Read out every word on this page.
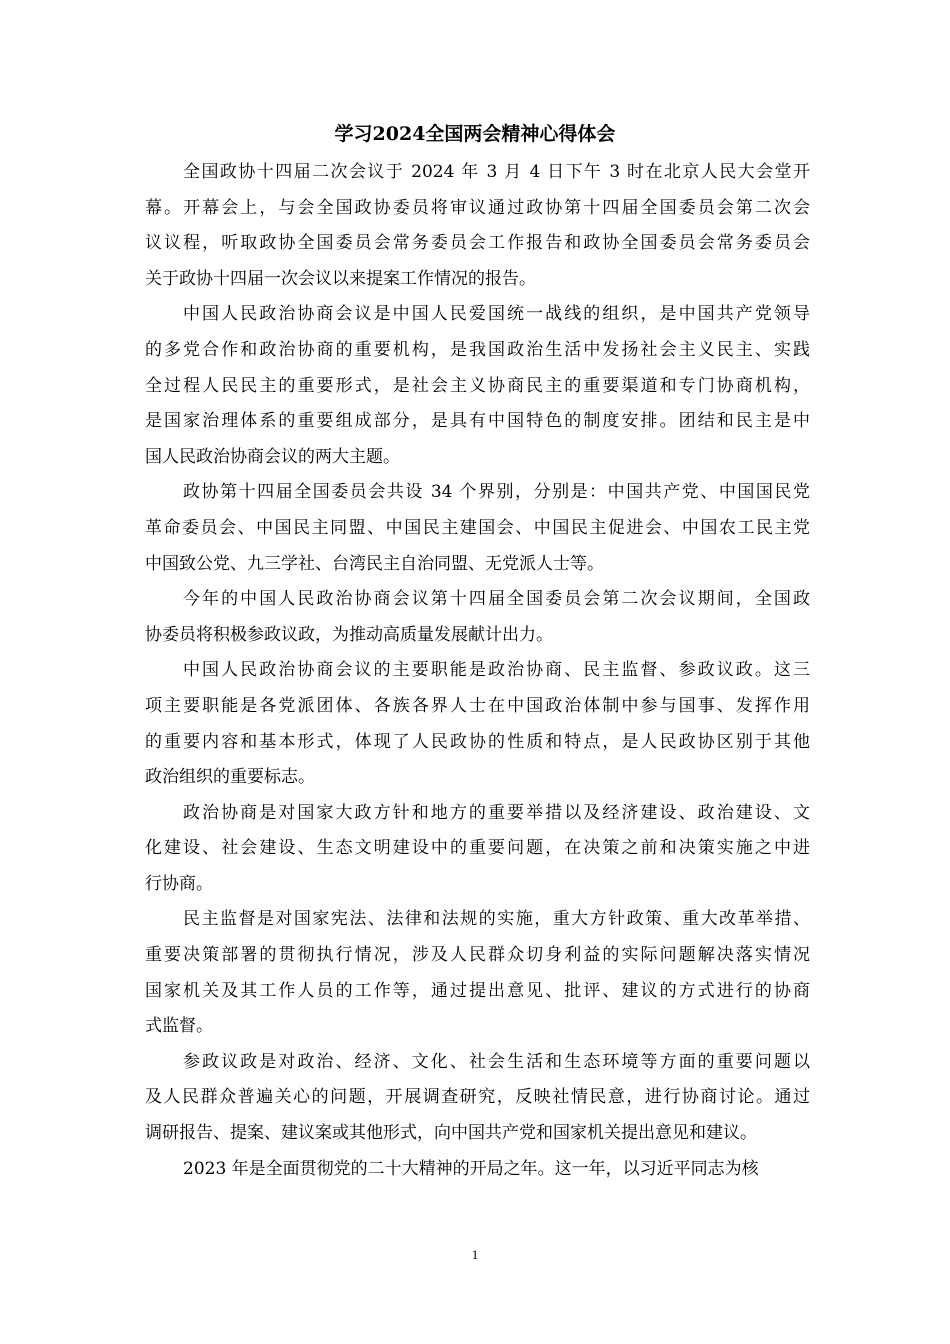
学习2024全国两会精神心得体会
全国政协十四届二次会议于 2024 年 3 月 4 日下午 3 时在北京人民大会堂开
幕。开幕会上，与会全国政协委员将审议通过政协第十四届全国委员会第二次会
议议程，听取政协全国委员会常务委员会工作报告和政协全国委员会常务委员会
关于政协十四届一次会议以来提案工作情况的报告。
中国人民政治协商会议是中国人民爱国统一战线的组织，是中国共产党领导
的多党合作和政治协商的重要机构，是我国政治生活中发扬社会主义民主、实践
全过程人民民主的重要形式，是社会主义协商民主的重要渠道和专门协商机构，
是国家治理体系的重要组成部分，是具有中国特色的制度安排。团结和民主是中
国人民政治协商会议的两大主题。
政协第十四届全国委员会共设 34 个界别，分别是：中国共产党、中国国民党
革命委员会、中国民主同盟、中国民主建国会、中国民主促进会、中国农工民主党
中国致公党、九三学社、台湾民主自治同盟、无党派人士等。
今年的中国人民政治协商会议第十四届全国委员会第二次会议期间，全国政
协委员将积极参政议政，为推动高质量发展献计出力。
中国人民政治协商会议的主要职能是政治协商、民主监督、参政议政。这三
项主要职能是各党派团体、各族各界人士在中国政治体制中参与国事、发挥作用
的重要内容和基本形式，体现了人民政协的性质和特点，是人民政协区别于其他
政治组织的重要标志。
政治协商是对国家大政方针和地方的重要举措以及经济建设、政治建设、文
化建设、社会建设、生态文明建设中的重要问题，在决策之前和决策实施之中进
行协商。
民主监督是对国家宪法、法律和法规的实施，重大方针政策、重大改革举措、
重要决策部署的贯彻执行情况，涉及人民群众切身利益的实际问题解决落实情况
国家机关及其工作人员的工作等，通过提出意见、批评、建议的方式进行的协商
式监督。
参政议政是对政治、经济、文化、社会生活和生态环境等方面的重要问题以
及人民群众普遍关心的问题，开展调查研究，反映社情民意，进行协商讨论。通过
调研报告、提案、建议案或其他形式，向中国共产党和国家机关提出意见和建议。
2023 年是全面贯彻党的二十大精神的开局之年。这一年，以习近平同志为核
1
